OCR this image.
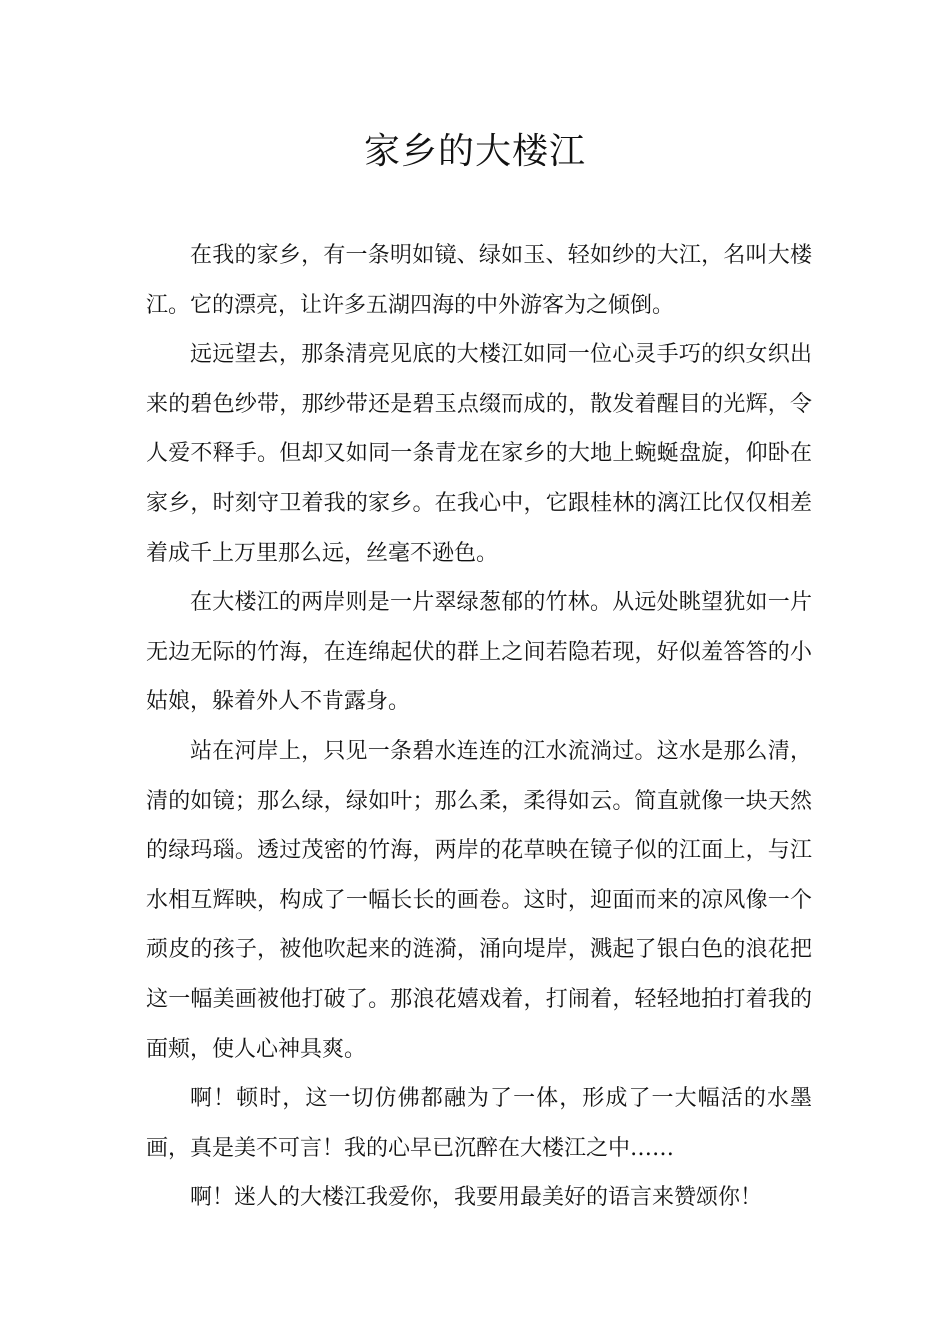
家乡的大楼江

在我的家乡，有一条明如镜、绿如玉、轻如纱的大江，名叫大楼江。它的漂亮，让许多五湖四海的中外游客为之倾倒。

远远望去，那条清亮见底的大楼江如同一位心灵手巧的织女织出来的碧色纱带，那纱带还是碧玉点缀而成的，散发着醒目的光辉，令人爱不释手。但却又如同一条青龙在家乡的大地上蜿蜒盘旋，仰卧在家乡，时刻守卫着我的家乡。在我心中，它跟桂林的漓江比仅仅相差着成千上万里那么远，丝毫不逊色。

在大楼江的两岸则是一片翠绿葱郁的竹林。从远处眺望犹如一片无边无际的竹海，在连绵起伏的群上之间若隐若现，好似羞答答的小姑娘，躲着外人不肯露身。

站在河岸上，只见一条碧水连连的江水流淌过。这水是那么清，清的如镜；那么绿，绿如叶；那么柔，柔得如云。简直就像一块天然的绿玛瑙。透过茂密的竹海，两岸的花草映在镜子似的江面上，与江水相互辉映，构成了一幅长长的画卷。这时，迎面而来的凉风像一个顽皮的孩子，被他吹起来的涟漪，涌向堤岸，溅起了银白色的浪花把这一幅美画被他打破了。那浪花嬉戏着，打闹着，轻轻地拍打着我的面颊，使人心神具爽。

啊！顿时，这一切仿佛都融为了一体，形成了一大幅活的水墨画，真是美不可言！我的心早已沉醉在大楼江之中……

啊！迷人的大楼江我爱你，我要用最美好的语言来赞颂你！
